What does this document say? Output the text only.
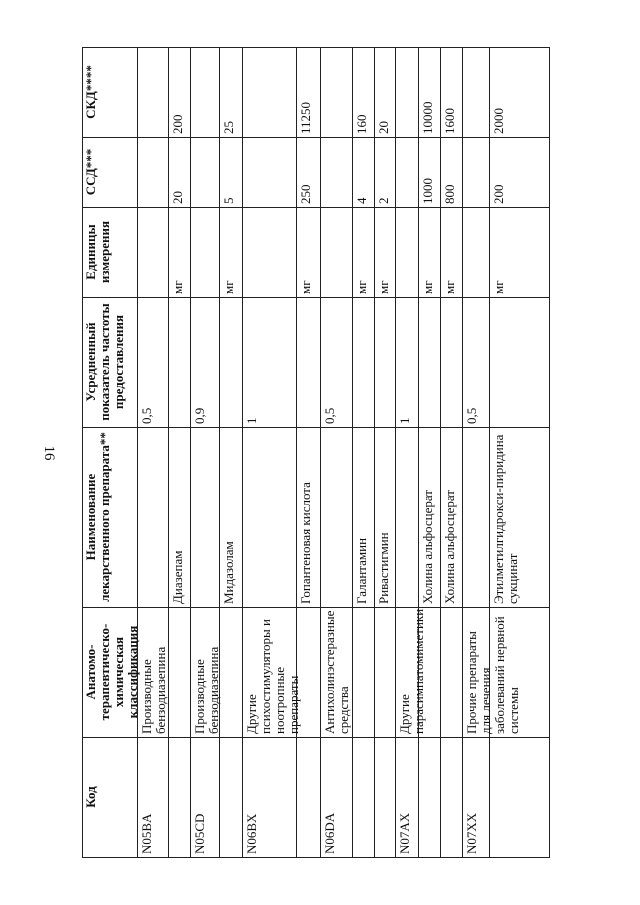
16
Код
Анатомо-терапевтическо-химическая классификация
Наименование лекарственного препарата**
Усредненный показатель частоты предоставления
Единицы измерения
ССД***
СКД****
N05BA
Производные бензодиазепина
0,5
Диазепам
мг
20
200
N05CD
Производные бензодиазепина
0,9
Мидазолам
мг
5
25
N06BX
Другие психостимуляторы и ноотропные препараты
1
Гопантеновая кислота
мг
250
11250
N06DA
Антихолинэстеразные средства
0,5
Галантамин
мг
4
160
Ривастигмин
мг
2
20
N07AX
Другие парасимпатомиметики
1
Холина альфосцерат
мг
1000
10000
Холина альфосцерат
мг
800
1600
N07XX
Прочие препараты для лечения заболеваний нервной системы
0,5
Этилметилгидрокси-пиридина сукцинат
мг
200
2000
